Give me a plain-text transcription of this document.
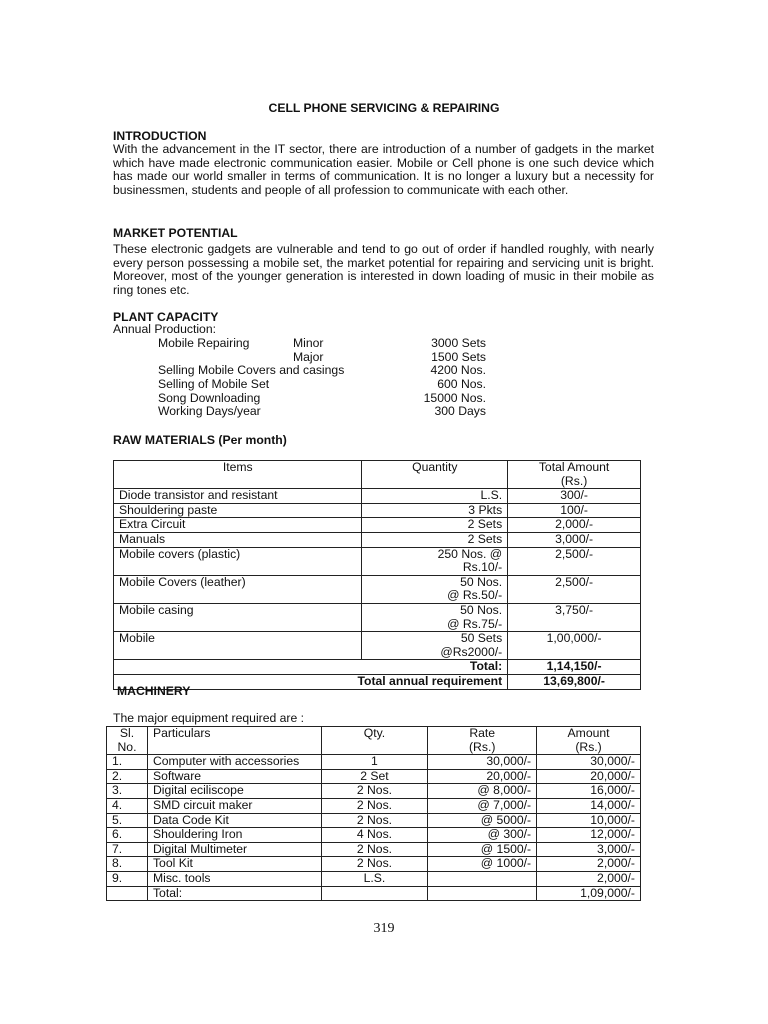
CELL PHONE SERVICING & REPAIRING
INTRODUCTION
With the advancement in the IT sector, there are introduction of a number of gadgets in the market which have made electronic communication easier. Mobile or Cell phone is one such device which has made our world smaller in terms of communication. It is no longer a luxury but a necessity for businessmen, students and people of all profession to communicate with each other.
MARKET POTENTIAL
These electronic gadgets are vulnerable and tend to go out of order if handled roughly, with nearly every person possessing a mobile set, the market potential for repairing and servicing unit is bright. Moreover, most of the younger generation is interested in down loading of music in their mobile as ring tones etc.
PLANT CAPACITY
Annual Production:
Mobile Repairing	Minor	3000 Sets
Major	1500 Sets
Selling Mobile Covers and casings	4200 Nos.
Selling of Mobile Set	600 Nos.
Song Downloading	15000 Nos.
Working Days/year	300 Days
RAW MATERIALS (Per month)
Items	Quantity	Total Amount
(Rs.)
Diode transistor and resistant	L.S.	300/-
Shouldering paste	3 Pkts	100/-
Extra Circuit	2 Sets	2,000/-
Manuals	2 Sets	3,000/-
Mobile covers (plastic)	250 Nos. @
Rs.10/-	2,500/-
Mobile Covers (leather)	50 Nos.
@ Rs.50/-	2,500/-
Mobile casing	50 Nos.
@ Rs.75/-	3,750/-
Mobile	50 Sets
@Rs2000/-	1,00,000/-
	Total:	1,14,150/-
Total annual requirement		13,69,800/-
MACHINERY
The major equipment required are :
Sl.
No.	Particulars	Qty.	Rate
(Rs.)	Amount
(Rs.)
1.	Computer with accessories	1	30,000/-	30,000/-
2.	Software	2 Set	20,000/-	20,000/-
3.	Digital eciliscope	2 Nos.	@ 8,000/-	16,000/-
4.	SMD circuit maker	2 Nos.	@ 7,000/-	14,000/-
5.	Data Code Kit	2 Nos.	@ 5000/-	10,000/-
6.	Shouldering Iron	4 Nos.	@ 300/-	12,000/-
7.	Digital Multimeter	2 Nos.	@ 1500/-	3,000/-
8.	Tool Kit	2 Nos.	@ 1000/-	2,000/-
9.	Misc. tools	L.S.		2,000/-
	Total:			1,09,000/-
319
